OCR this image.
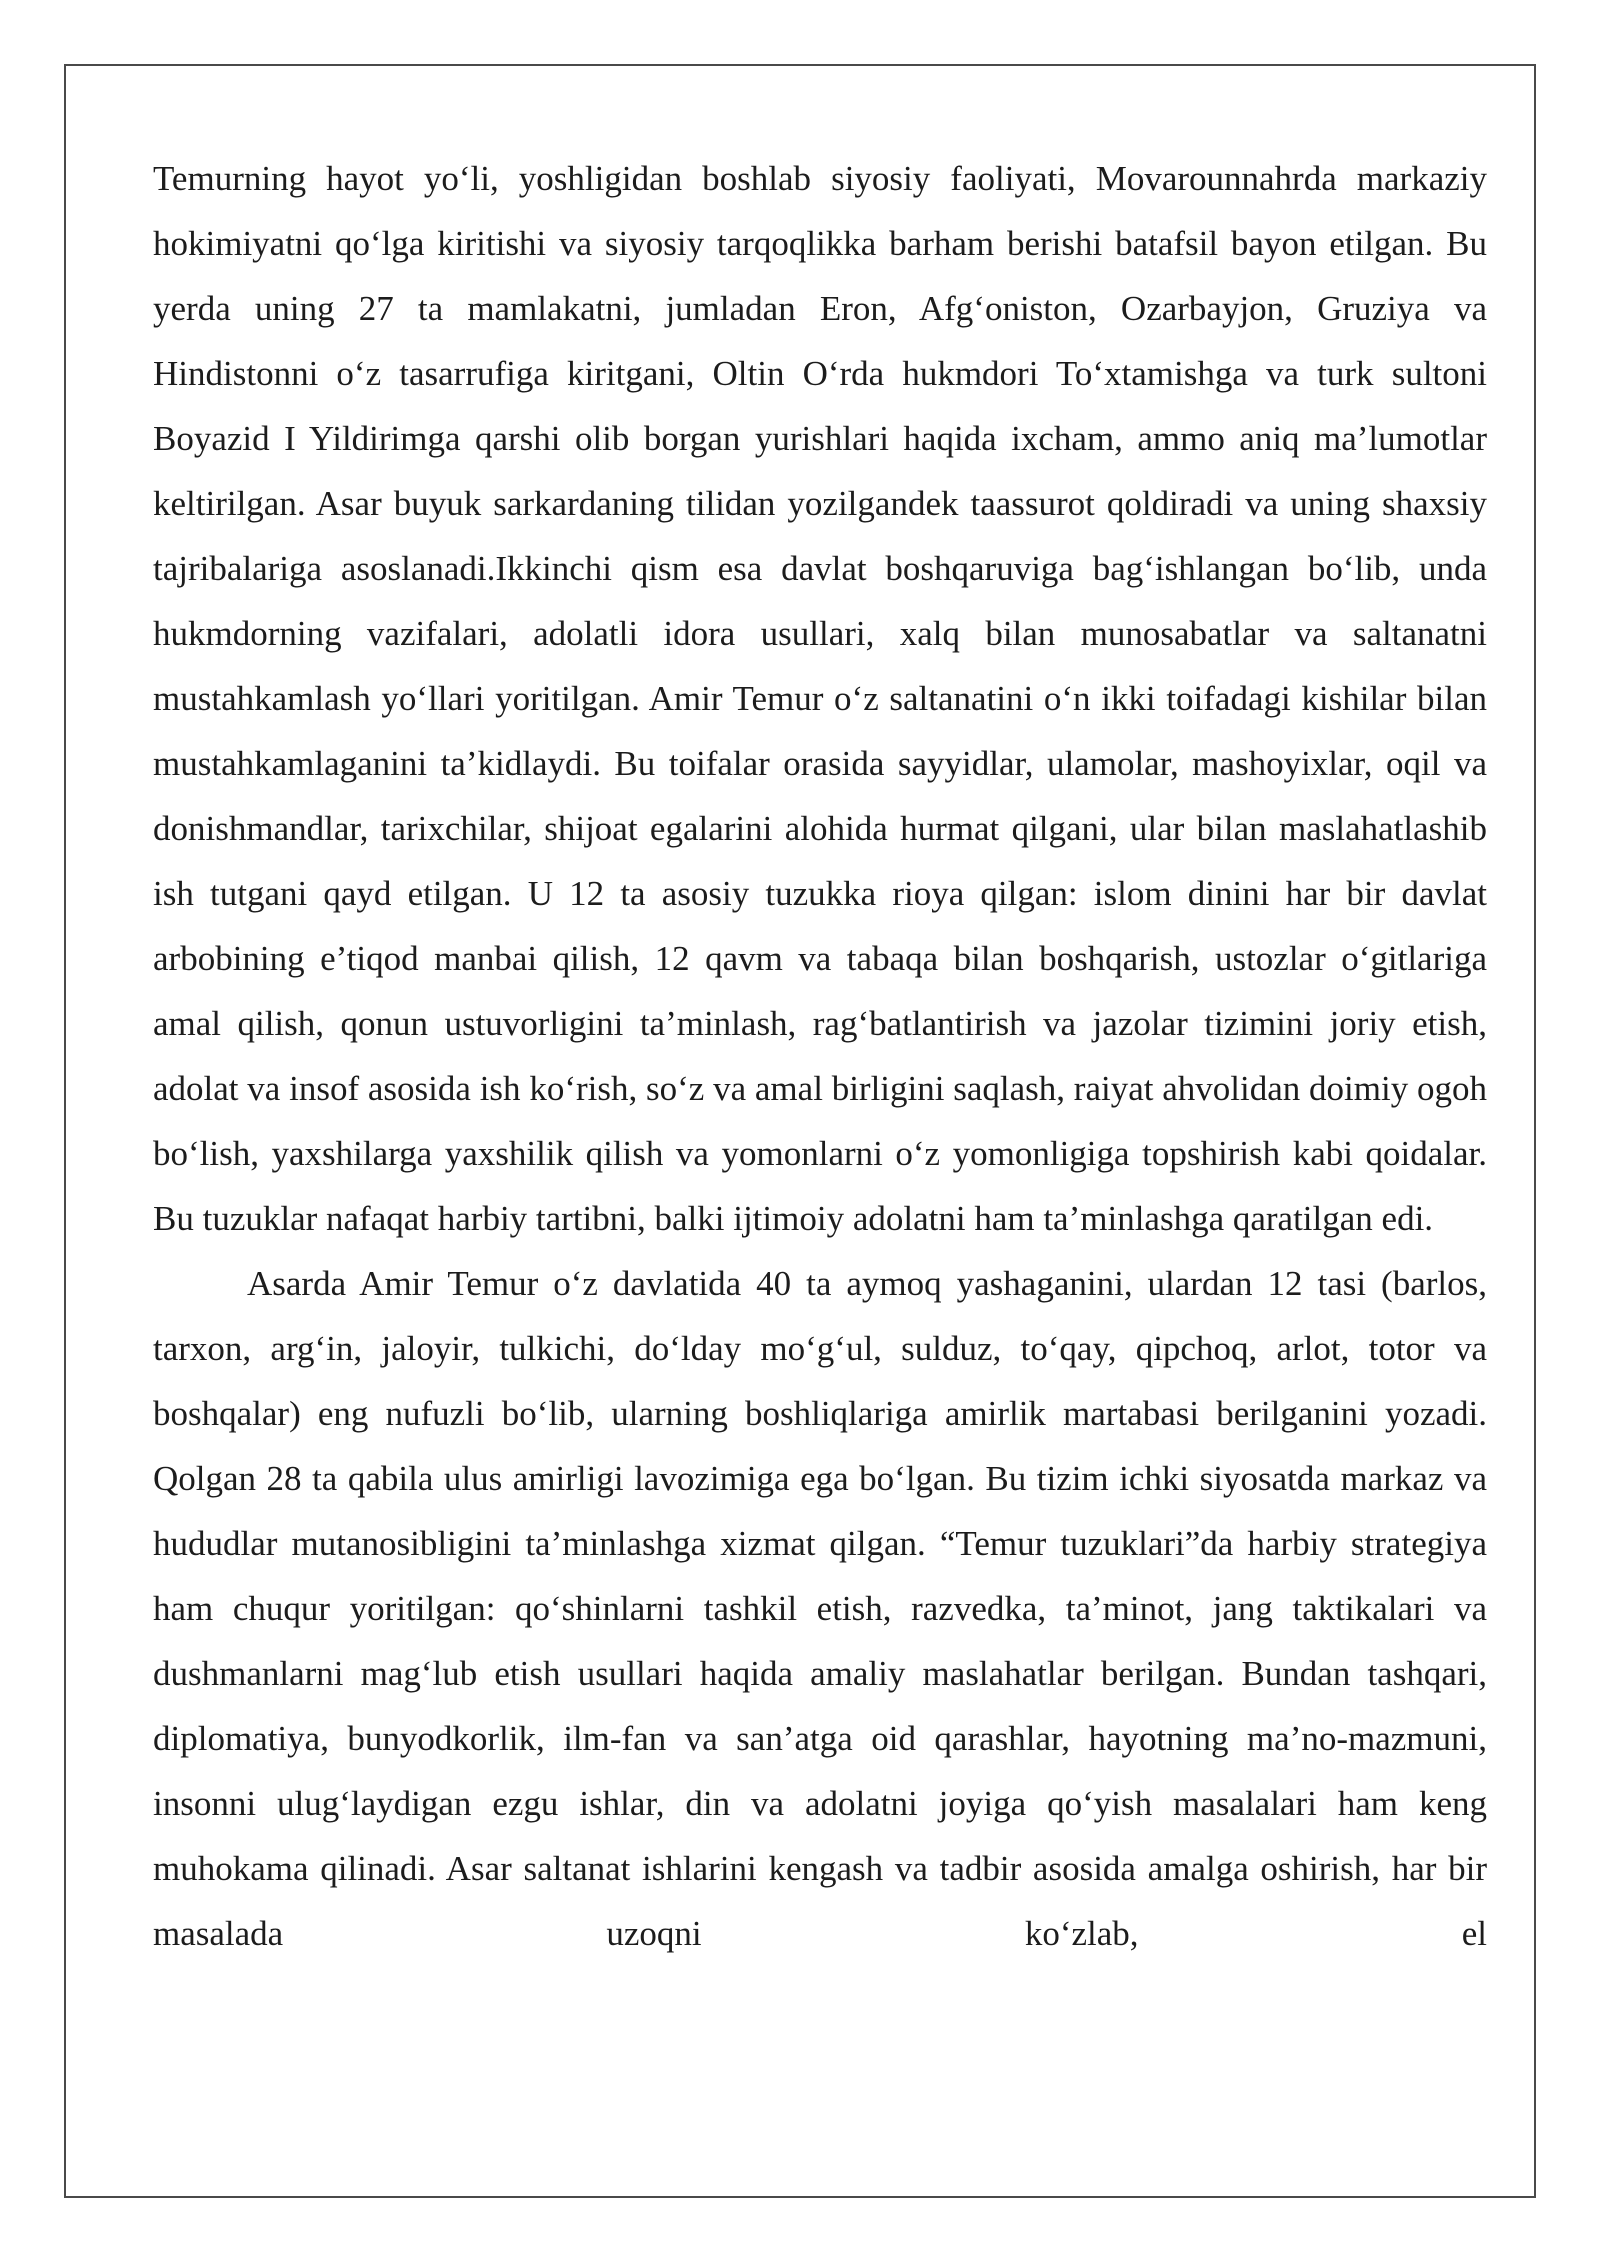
Temurning hayot yo‘li, yoshligidan boshlab siyosiy faoliyati, Movarounnahrda markaziy hokimiyatni qo‘lga kiritishi va siyosiy tarqoqlikka barham berishi batafsil bayon etilgan. Bu yerda uning 27 ta mamlakatni, jumladan Eron, Afg‘oniston, Ozarbayjon, Gruziya va Hindistonni o‘z tasarrufiga kiritgani, Oltin O‘rda hukmdori To‘xtamishga va turk sultoni Boyazid I Yildirimga qarshi olib borgan yurishlari haqida ixcham, ammo aniq ma’lumotlar keltirilgan. Asar buyuk sarkardaning tilidan yozilgandek taassurot qoldiradi va uning shaxsiy tajribalariga asoslanadi.Ikkinchi qism esa davlat boshqaruviga bag‘ishlangan bo‘lib, unda hukmdorning vazifalari, adolatli idora usullari, xalq bilan munosabatlar va saltanatni mustahkamlash yo‘llari yoritilgan. Amir Temur o‘z saltanatini o‘n ikki toifadagi kishilar bilan mustahkamlaganini ta’kidlaydi. Bu toifalar orasida sayyidlar, ulamolar, mashoyixlar, oqil va donishmandlar, tarixchilar, shijoat egalarini alohida hurmat qilgani, ular bilan maslahatlashib ish tutgani qayd etilgan. U 12 ta asosiy tuzukka rioya qilgan: islom dinini har bir davlat arbobining e’tiqod manbai qilish, 12 qavm va tabaqa bilan boshqarish, ustozlar o‘gitlariga amal qilish, qonun ustuvorligini ta’minlash, rag‘batlantirish va jazolar tizimini joriy etish, adolat va insof asosida ish ko‘rish, so‘z va amal birligini saqlash, raiyat ahvolidan doimiy ogoh bo‘lish, yaxshilarga yaxshilik qilish va yomonlarni o‘z yomonligiga topshirish kabi qoidalar. Bu tuzuklar nafaqat harbiy tartibni, balki ijtimoiy adolatni ham ta’minlashga qaratilgan edi.

Asarda Amir Temur o‘z davlatida 40 ta aymoq yashaganini, ulardan 12 tasi (barlos, tarxon, arg‘in, jaloyir, tulkichi, do‘lday mo‘g‘ul, sulduz, to‘qay, qipchoq, arlot, totor va boshqalar) eng nufuzli bo‘lib, ularning boshliqlariga amirlik martabasi berilganini yozadi. Qolgan 28 ta qabila ulus amirligi lavozimiga ega bo‘lgan. Bu tizim ichki siyosatda markaz va hududlar mutanosibligini ta’minlashga xizmat qilgan. “Temur tuzuklari”da harbiy strategiya ham chuqur yoritilgan: qo‘shinlarni tashkil etish, razvedka, ta’minot, jang taktikalari va dushmanlarni mag‘lub etish usullari haqida amaliy maslahatlar berilgan. Bundan tashqari, diplomatiya, bunyodkorlik, ilm-fan va san’atga oid qarashlar, hayotning ma’no-mazmuni, insonni ulug‘laydigan ezgu ishlar, din va adolatni joyiga qo‘yish masalalari ham keng muhokama qilinadi. Asar saltanat ishlarini kengash va tadbir asosida amalga oshirish, har bir masalada uzoqni ko‘zlab, el
